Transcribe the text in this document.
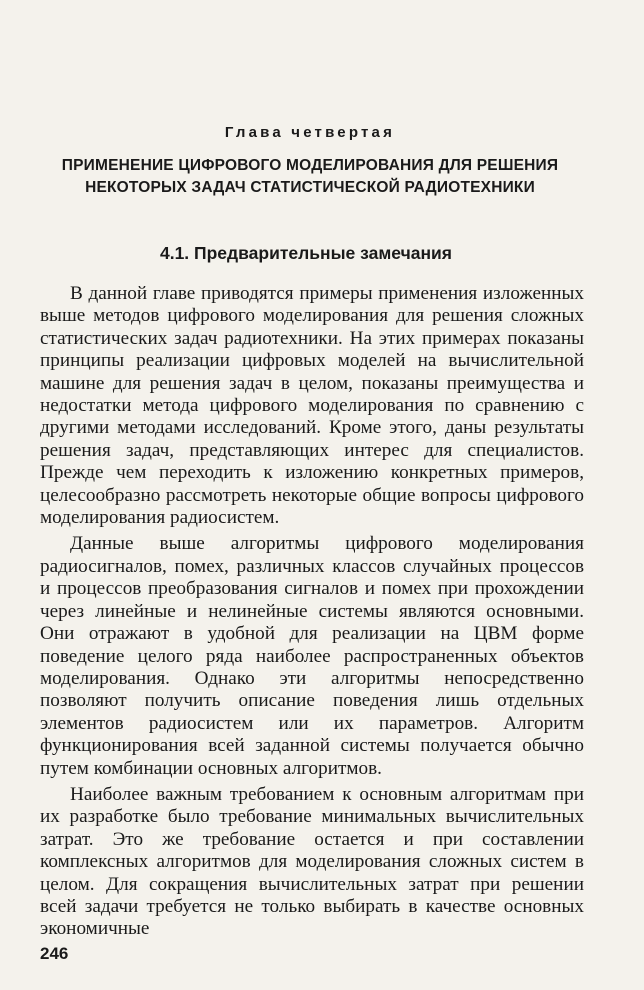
Глава четвертая
ПРИМЕНЕНИЕ ЦИФРОВОГО МОДЕЛИРОВАНИЯ ДЛЯ РЕШЕНИЯ
НЕКОТОРЫХ ЗАДАЧ СТАТИСТИЧЕСКОЙ РАДИОТЕХНИКИ
4.1. Предварительные замечания

В данной главе приводятся примеры применения изложенных выше методов цифрового моделирования для решения сложных статистических задач радиотехники. На этих примерах показаны принципы реализации цифровых моделей на вычислительной машине для решения задач в целом, показаны преимущества и недостатки метода цифрового моделирования по сравнению с другими методами исследований. Кроме этого, даны результаты решения задач, представляющих интерес для специалистов. Прежде чем переходить к изложению конкретных примеров, целесообразно рассмотреть некоторые общие вопросы цифрового моделирования радиосистем.

Данные выше алгоритмы цифрового моделирования радиосигналов, помех, различных классов случайных процессов и процессов преобразования сигналов и помех при прохождении через линейные и нелинейные системы являются основными. Они отражают в удобной для реализации на ЦВМ форме поведение целого ряда наиболее распространенных объектов моделирования. Однако эти алгоритмы непосредственно позволяют получить описание поведения лишь отдельных элементов радиосистем или их параметров. Алгоритм функционирования всей заданной системы получается обычно путем комбинации основных алгоритмов.

Наиболее важным требованием к основным алгоритмам при их разработке было требование минимальных вычислительных затрат. Это же требование остается и при составлении комплексных алгоритмов для моделирования сложных систем в целом. Для сокращения вычислительных затрат при решении всей задачи требуется не только выбирать в качестве основных экономичные

246
